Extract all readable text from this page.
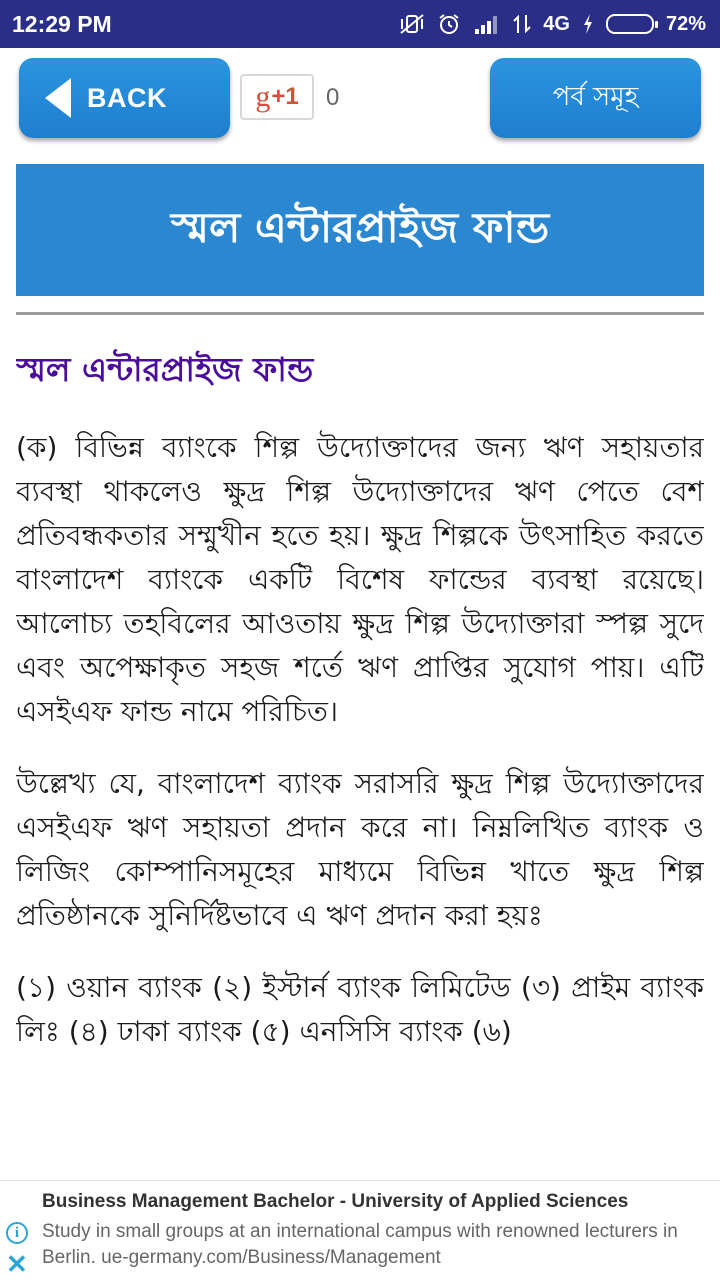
12:29 PM	4G	72%
BACK	g +1 0	পর্ব সমূহ
স্মল এন্টারপ্রাইজ ফান্ড
স্মল এন্টারপ্রাইজ ফান্ড

(ক) বিভিন্ন ব্যাংকে শিল্প উদ্যোক্তাদের জন্য ঋণ সহায়তার ব্যবস্থা থাকলেও ক্ষুদ্র শিল্প উদ্যোক্তাদের ঋণ পেতে বেশ প্রতিবন্ধকতার সম্মুখীন হতে হয়। ক্ষুদ্র শিল্পকে উৎসাহিত করতে বাংলাদেশ ব্যাংকে একটি বিশেষ ফান্ডের ব্যবস্থা রয়েছে। আলোচ্য তহবিলের আওতায় ক্ষুদ্র শিল্প উদ্যোক্তারা স্পল্প সুদে এবং অপেক্ষাকৃত সহজ শর্তে ঋণ প্রাপ্তির সুযোগ পায়। এটি এসইএফ ফান্ড নামে পরিচিত।

উল্লেখ্য যে, বাংলাদেশ ব্যাংক সরাসরি ক্ষুদ্র শিল্প উদ্যোক্তাদের এসইএফ ঋণ সহায়তা প্রদান করে না। নিম্নলিখিত ব্যাংক ও লিজিং কোম্পানিসমূহের মাধ্যমে বিভিন্ন খাতে ক্ষুদ্র শিল্প প্রতিষ্ঠানকে সুনির্দিষ্টভাবে এ ঋণ প্রদান করা হয়ঃ

(১) ওয়ান ব্যাংক (২) ইস্টার্ন ব্যাংক লিমিটেড (৩) প্রাইম ব্যাংক লিঃ (৪) ঢাকা ব্যাংক (৫) এনসিসি ব্যাংক (৬)

i
✕
Business Management Bachelor - University of Applied Sciences
Study in small groups at an international campus with renowned lecturers in Berlin. ue-germany.com/Business/Management
